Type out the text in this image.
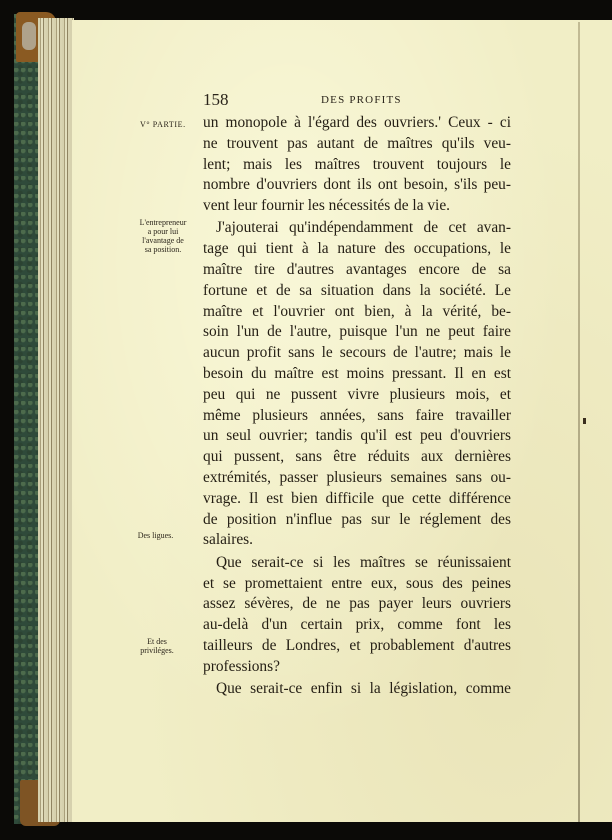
158	DES PROFITS
V° PARTIE.
L'entrepreneur
a pour lui
l'avantage de
sa position.
Des ligues.
Et des
priviléges.
un monopole à l'égard des ouvriers.' Ceux - ci
ne trouvent pas autant de maîtres qu'ils veu-
lent; mais les maîtres trouvent toujours le
nombre d'ouvriers dont ils ont besoin, s'ils peu-
vent leur fournir les nécessités de la vie.
J'ajouterai qu'indépendamment de cet avan-
tage qui tient à la nature des occupations, le
maître tire d'autres avantages encore de sa
fortune et de sa situation dans la société. Le
maître et l'ouvrier ont bien, à la vérité, be-
soin l'un de l'autre, puisque l'un ne peut faire
aucun profit sans le secours de l'autre; mais le
besoin du maître est moins pressant. Il en est
peu qui ne pussent vivre plusieurs mois, et
même plusieurs années, sans faire travailler
un seul ouvrier; tandis qu'il est peu d'ouvriers
qui pussent, sans être réduits aux dernières
extrémités, passer plusieurs semaines sans ou-
vrage. Il est bien difficile que cette différence
de position n'influe pas sur le réglement des
salaires.
Que serait-ce si les maîtres se réunissaient
et se promettaient entre eux, sous des peines
assez sévères, de ne pas payer leurs ouvriers
au-delà d'un certain prix, comme font les
tailleurs de Londres, et probablement d'autres
professions?
Que serait-ce enfin si la législation, comme
